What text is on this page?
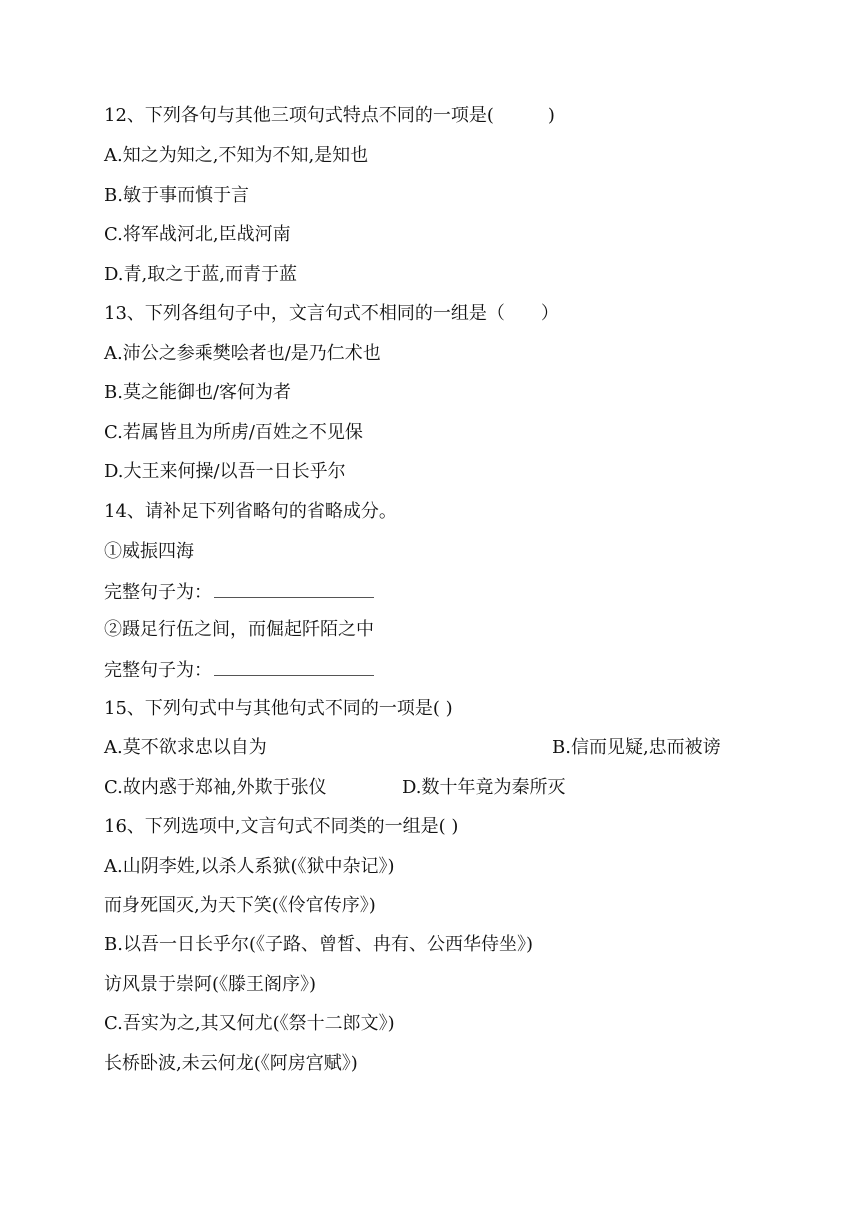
12、下列各句与其他三项句式特点不同的一项是(　　　)
A.知之为知之,不知为不知,是知也
B.敏于事而慎于言
C.将军战河北,臣战河南
D.青,取之于蓝,而青于蓝
13、下列各组句子中，文言句式不相同的一组是（　　）
A.沛公之参乘樊哙者也/是乃仁术也
B.莫之能御也/客何为者
C.若属皆且为所虏/百姓之不见保
D.大王来何操/以吾一日长乎尔
14、请补足下列省略句的省略成分。
①威振四海
完整句子为：
②蹑足行伍之间，而倔起阡陌之中
完整句子为：
15、下列句式中与其他句式不同的一项是( )
A.莫不欲求忠以自为	B.信而见疑,忠而被谤
C.故内惑于郑袖,外欺于张仪	D.数十年竟为秦所灭
16、下列选项中,文言句式不同类的一组是( )
A.山阴李姓,以杀人系狱(《狱中杂记》)
而身死国灭,为天下笑(《伶官传序》)
B.以吾一日长乎尔(《子路、曾皙、冉有、公西华侍坐》)
访风景于崇阿(《滕王阁序》)
C.吾实为之,其又何尤(《祭十二郎文》)
长桥卧波,未云何龙(《阿房宫赋》)
